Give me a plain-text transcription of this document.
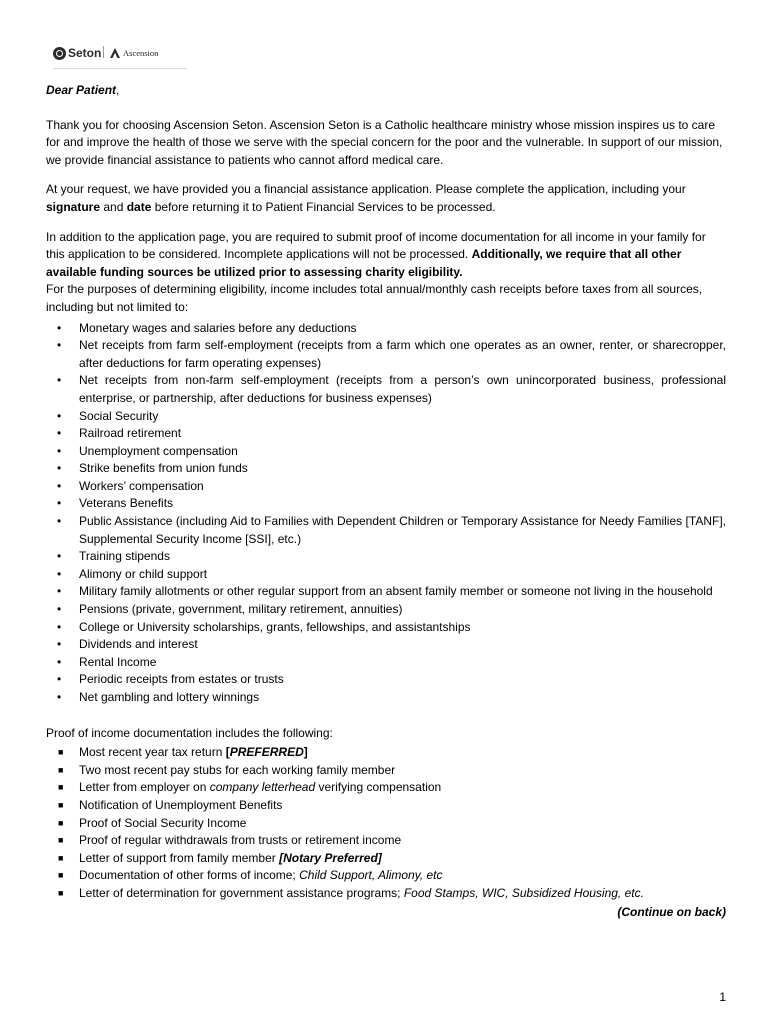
Seton	Ascension

Dear Patient,

Thank you for choosing Ascension Seton. Ascension Seton is a Catholic healthcare ministry whose mission inspires us to care for and improve the health of those we serve with the special concern for the poor and the vulnerable. In support of our mission, we provide financial assistance to patients who cannot afford medical care.

At your request, we have provided you a financial assistance application. Please complete the application, including your signature and date before returning it to Patient Financial Services to be processed.

In addition to the application page, you are required to submit proof of income documentation for all income in your family for this application to be considered. Incomplete applications will not be processed. Additionally, we require that all other available funding sources be utilized prior to assessing charity eligibility.

For the purposes of determining eligibility, income includes total annual/monthly cash receipts before taxes from all sources, including but not limited to:

• Monetary wages and salaries before any deductions
• Net receipts from farm self-employment (receipts from a farm which one operates as an owner, renter, or sharecropper, after deductions for farm operating expenses)
• Net receipts from non-farm self-employment (receipts from a person’s own unincorporated business, professional enterprise, or partnership, after deductions for business expenses)
• Social Security
• Railroad retirement
• Unemployment compensation
• Strike benefits from union funds
• Workers’ compensation
• Veterans Benefits
• Public Assistance (including Aid to Families with Dependent Children or Temporary Assistance for Needy Families [TANF], Supplemental Security Income [SSI], etc.)
• Training stipends
• Alimony or child support
• Military family allotments or other regular support from an absent family member or someone not living in the household
• Pensions (private, government, military retirement, annuities)
• College or University scholarships, grants, fellowships, and assistantships
• Dividends and interest
• Rental Income
• Periodic receipts from estates or trusts
• Net gambling and lottery winnings

Proof of income documentation includes the following:

■ Most recent year tax return [PREFERRED]
■ Two most recent pay stubs for each working family member
■ Letter from employer on company letterhead verifying compensation
■ Notification of Unemployment Benefits
■ Proof of Social Security Income
■ Proof of regular withdrawals from trusts or retirement income
■ Letter of support from family member [Notary Preferred]
■ Documentation of other forms of income; Child Support, Alimony, etc
■ Letter of determination for government assistance programs; Food Stamps, WIC, Subsidized Housing, etc.

(Continue on back)

1
